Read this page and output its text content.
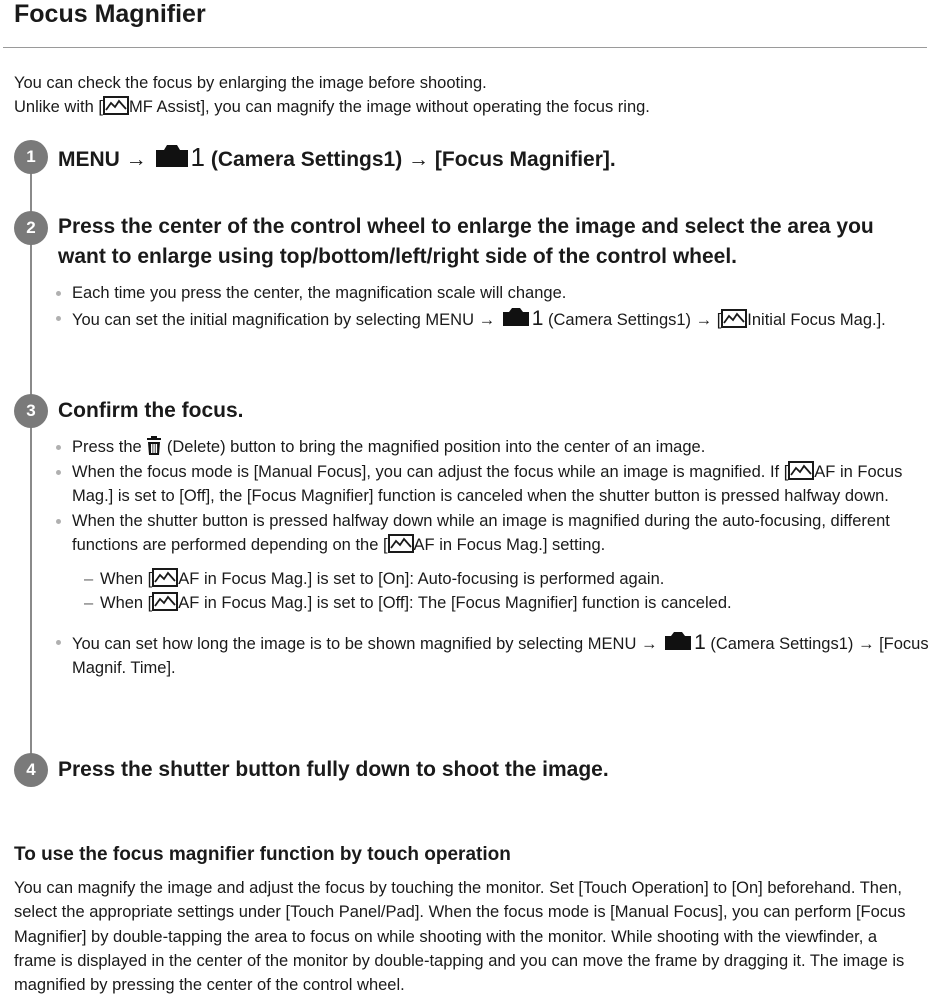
Focus Magnifier

You can check the focus by enlarging the image before shooting.

Unlike with [ MF Assist], you can magnify the image without operating the focus ring.

1	MENU → 1 (Camera Settings1) → [Focus Magnifier].
2	Press the center of the control wheel to enlarge the image and select the area you want to enlarge using top/bottom/left/right side of the control wheel.
Each time you press the center, the magnification scale will change.
You can set the initial magnification by selecting MENU → 1 (Camera Settings1) → [ Initial Focus Mag.].
3	Confirm the focus.
Press the (Delete) button to bring the magnified position into the center of an image.
When the focus mode is [Manual Focus], you can adjust the focus while an image is magnified. If [ AF in Focus Mag.] is set to [Off], the [Focus Magnifier] function is canceled when the shutter button is pressed halfway down.
When the shutter button is pressed halfway down while an image is magnified during the auto-focusing, different functions are performed depending on the [ AF in Focus Mag.] setting.
– When [ AF in Focus Mag.] is set to [On]: Auto-focusing is performed again.
– When [ AF in Focus Mag.] is set to [Off]: The [Focus Magnifier] function is canceled.
You can set how long the image is to be shown magnified by selecting MENU → 1 (Camera Settings1) → [Focus Magnif. Time].
4	Press the shutter button fully down to shoot the image.
To use the focus magnifier function by touch operation

You can magnify the image and adjust the focus by touching the monitor. Set [Touch Operation] to [On] beforehand. Then, select the appropriate settings under [Touch Panel/Pad]. When the focus mode is [Manual Focus], you can perform [Focus Magnifier] by double-tapping the area to focus on while shooting with the monitor. While shooting with the viewfinder, a frame is displayed in the center of the monitor by double-tapping and you can move the frame by dragging it. The image is magnified by pressing the center of the control wheel.
